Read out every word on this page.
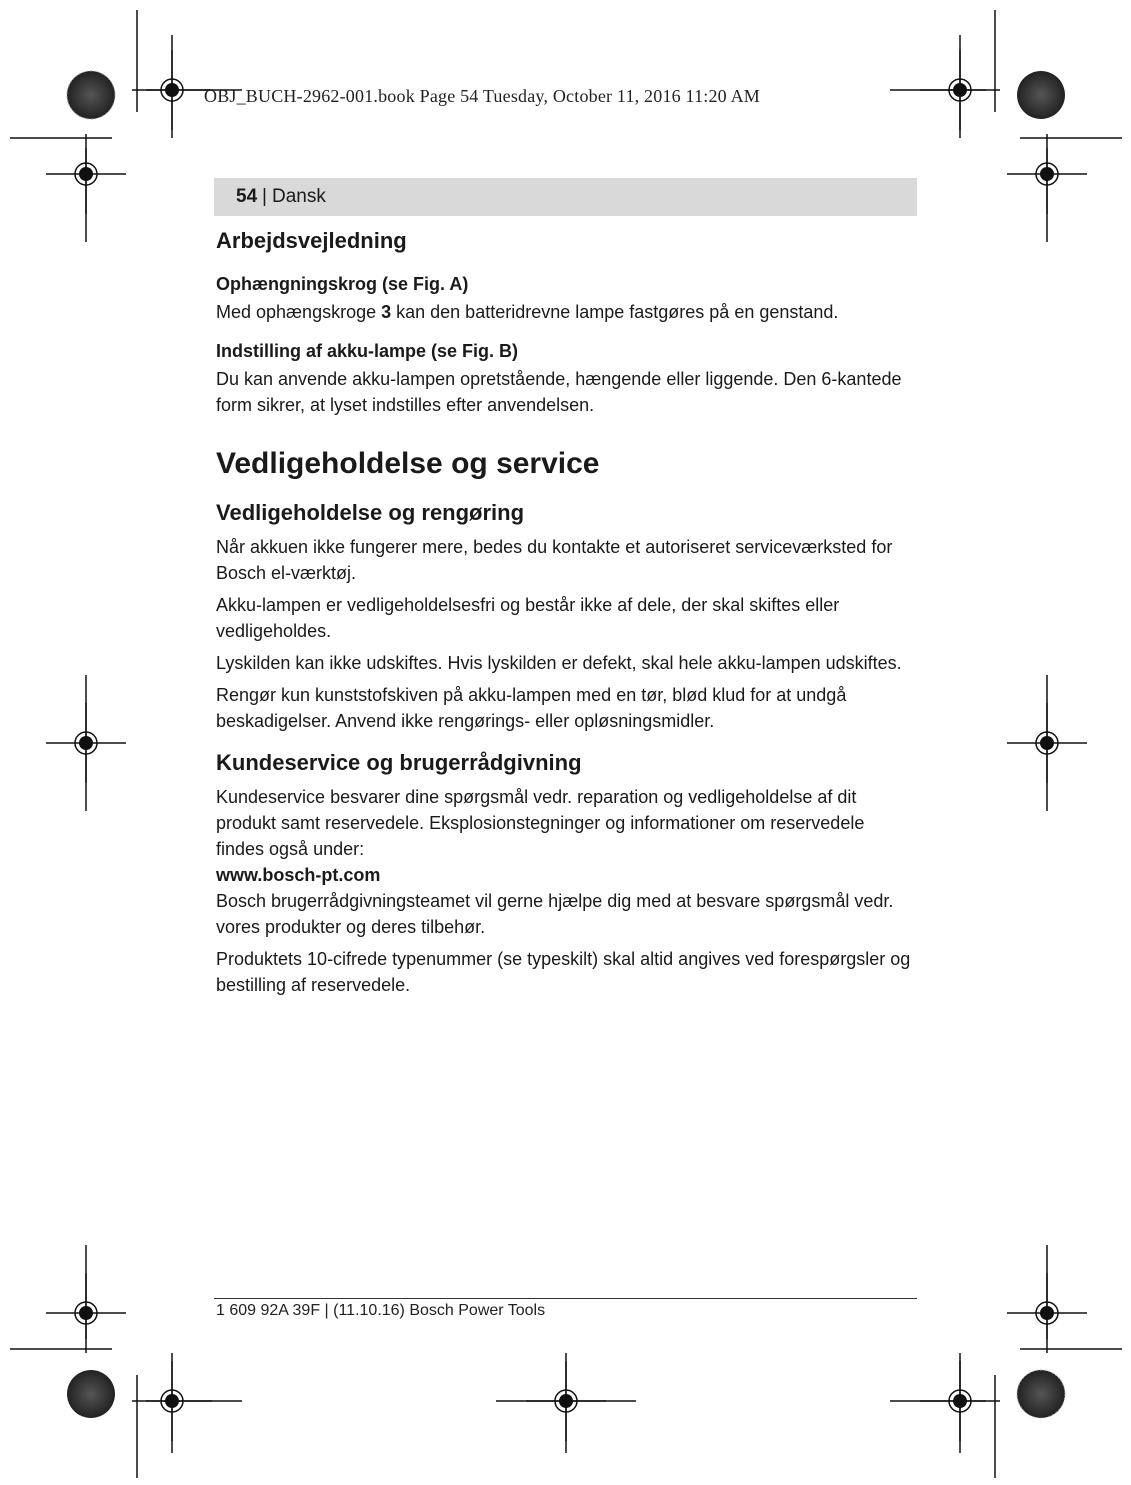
OBJ_BUCH-2962-001.book Page 54 Tuesday, October 11, 2016 11:20 AM
54 | Dansk
Arbejdsvejledning
Ophængningskrog (se Fig. A)

Med ophængskroge 3 kan den batteridrevne lampe fastgøres på en genstand.

Indstilling af akku-lampe (se Fig. B)

Du kan anvende akku-lampen opretstående, hængende eller liggende. Den 6-kantede form sikrer, at lyset indstilles efter anvendelsen.

Vedligeholdelse og service
Vedligeholdelse og rengøring

Når akkuen ikke fungerer mere, bedes du kontakte et autoriseret serviceværksted for Bosch el-værktøj.

Akku-lampen er vedligeholdelsesfri og består ikke af dele, der skal skiftes eller vedligeholdes.

Lyskilden kan ikke udskiftes. Hvis lyskilden er defekt, skal hele akku-lampen udskiftes.

Rengør kun kunststofskiven på akku-lampen med en tør, blød klud for at undgå beskadigelser. Anvend ikke rengørings- eller opløsningsmidler.

Kundeservice og brugerrådgivning

Kundeservice besvarer dine spørgsmål vedr. reparation og vedligeholdelse af dit produkt samt reservedele. Eksplosionstegninger og informationer om reservedele findes også under:

www.bosch-pt.com

Bosch brugerrådgivningsteamet vil gerne hjælpe dig med at besvare spørgsmål vedr. vores produkter og deres tilbehør.

Produktets 10-cifrede typenummer (se typeskilt) skal altid angives ved forespørgsler og bestilling af reservedele.

1 609 92A 39F | (11.10.16) Bosch Power Tools
